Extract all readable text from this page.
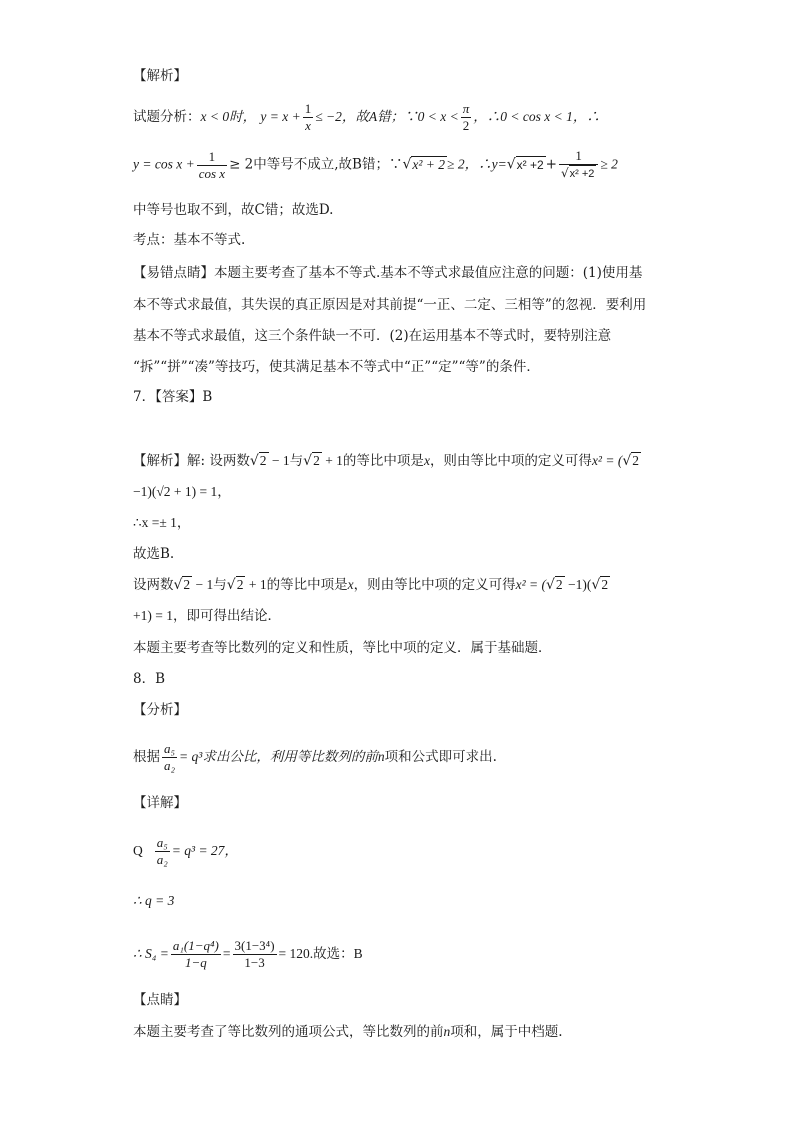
【解析】
试题分析：x < 0时， $y = x + \frac{1}{x} \le -2$，故A错；∵0 < $x < \frac{\pi}{2}$ ，∴0 < cos x < 1，∴
$y = \cos x + \frac{1}{\text{cos x}} \ge 2$中等号不成立,故B错；∵√x² + 2 ≥ 2，∴y=√x² $+2 + \frac{1}{\text{√x² +2}} \ge 2$
中等号也取不到，故C错；故选D.
考点：基本不等式.
【易错点睛】本题主要考查了基本不等式.基本不等式求最值应注意的问题：(1)使用基
本不等式求最值，其失误的真正原因是对其前提“一正、二定、三相等”的忽视．要利用
基本不等式求最值，这三个条件缺一不可．(2)在运用基本不等式时，要特别注意
“拆”“拼”“凑”等技巧，使其满足基本不等式中“正”“定”“等”的条件．
7．【答案】B
【解析】解: 设两数√2 − 1与√2 + 1的等比中项是x，则由等比中项的定义可得x² = (√2
−1)(√2 + 1) = 1，
∴x =± 1，
故选B.
设两数√2 − 1与√2 + 1的等比中项是x，则由等比中项的定义可得x² = (√2 −1)(√2
+1) = 1，即可得出结论．
本题主要考查等比数列的定义和性质，等比中项的定义．属于基础题．
8．B
【分析】
根据 $\frac{\text{a₅}}{\text{a₂}} = q^3$求出公比，利用等比数列的前n项和公式即可求出.
【详解】
Q $\frac{\text{a₅}}{\text{a₂}} = q^3 = 27$，
∴ q = 3
∴ $S_4 = \frac{\text{a₁(1−q⁴)}}{1-q} = \frac{\text{3(1−3⁴)}}{1-3} = 120$.故选：B
【点睛】
本题主要考查了等比数列的通项公式，等比数列的前n项和，属于中档题.
